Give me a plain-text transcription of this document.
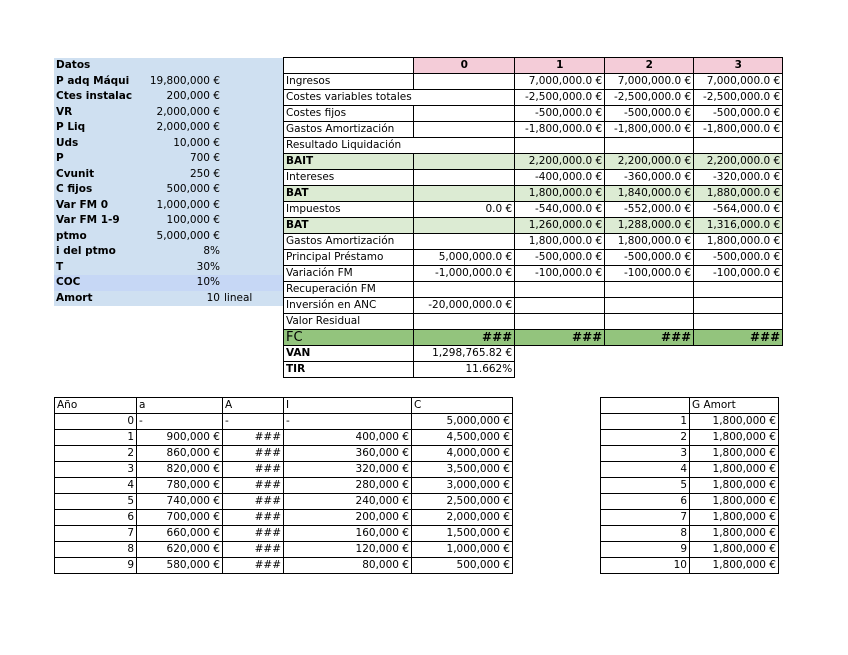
Datos		
P adq Máqui	19,800,000 €	
Ctes instalac	200,000 €	
VR	2,000,000 €	
P Liq	2,000,000 €	
Uds	10,000 €	
P	700 €	
Cvunit	250 €	
C fijos	500,000 €	
Var FM 0	1,000,000 €	
Var FM 1-9	100,000 €	
ptmo	5,000,000 €	
i del ptmo	8%	
T	30%	
COC	10%	
Amort	10	lineal
	0	1	2	3
Ingresos		7,000,000.0 €	7,000,000.0 €	7,000,000.0 €
Costes variables totales		-2,500,000.0 €	-2,500,000.0 €	-2,500,000.0 €
Costes fijos		-500,000.0 €	-500,000.0 €	-500,000.0 €
Gastos Amortización		-1,800,000.0 €	-1,800,000.0 €	-1,800,000.0 €
Resultado Liquidación				
BAIT		2,200,000.0 €	2,200,000.0 €	2,200,000.0 €
Intereses		-400,000.0 €	-360,000.0 €	-320,000.0 €
BAT		1,800,000.0 €	1,840,000.0 €	1,880,000.0 €
Impuestos	0.0 €	-540,000.0 €	-552,000.0 €	-564,000.0 €
BAT		1,260,000.0 €	1,288,000.0 €	1,316,000.0 €
Gastos Amortización		1,800,000.0 €	1,800,000.0 €	1,800,000.0 €
Principal Préstamo	5,000,000.0 €	-500,000.0 €	-500,000.0 €	-500,000.0 €
Variación FM	-1,000,000.0 €	-100,000.0 €	-100,000.0 €	-100,000.0 €
Recuperación FM				
Inversión en ANC	-20,000,000.0 €			
Valor Residual				
FC	###	###	###	###
VAN	1,298,765.82 €			
TIR	11.662%			
Año	a	A	I	C
0	-	-	-	5,000,000 €
1	900,000 €	###	400,000 €	4,500,000 €
2	860,000 €	###	360,000 €	4,000,000 €
3	820,000 €	###	320,000 €	3,500,000 €
4	780,000 €	###	280,000 €	3,000,000 €
5	740,000 €	###	240,000 €	2,500,000 €
6	700,000 €	###	200,000 €	2,000,000 €
7	660,000 €	###	160,000 €	1,500,000 €
8	620,000 €	###	120,000 €	1,000,000 €
9	580,000 €	###	80,000 €	500,000 €
	G Amort
1	1,800,000 €
2	1,800,000 €
3	1,800,000 €
4	1,800,000 €
5	1,800,000 €
6	1,800,000 €
7	1,800,000 €
8	1,800,000 €
9	1,800,000 €
10	1,800,000 €
